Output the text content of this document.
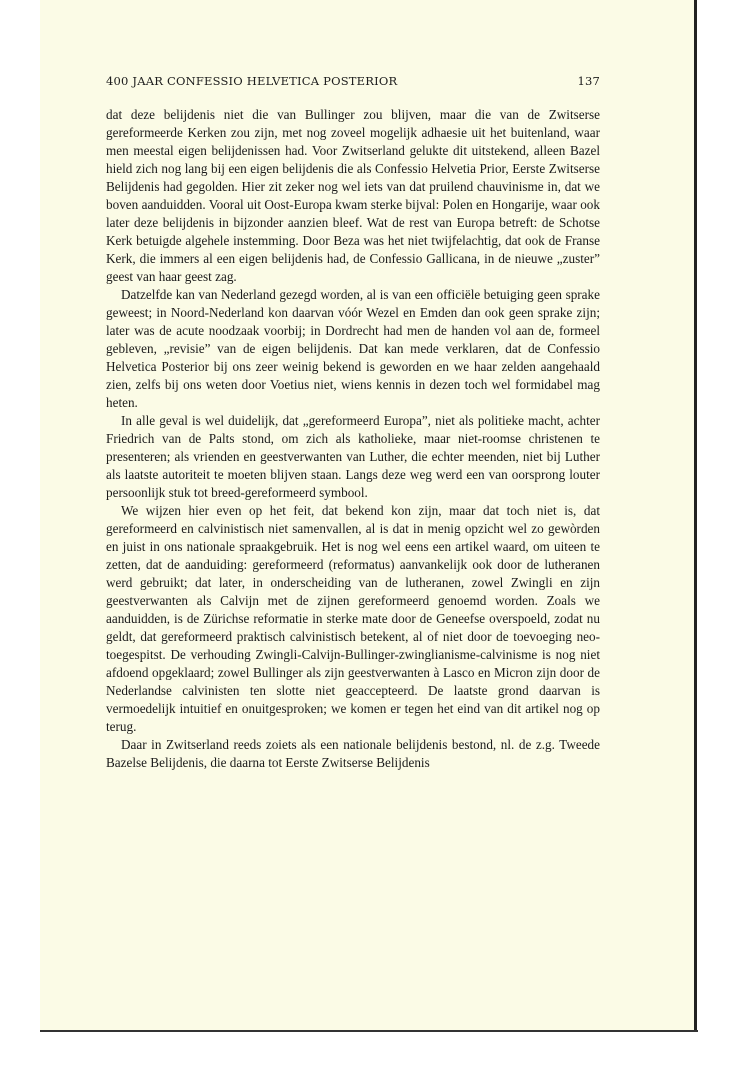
400 JAAR CONFESSIO HELVETICA POSTERIOR	137

dat deze belijdenis niet die van Bullinger zou blijven, maar die van de Zwitserse gereformeerde Kerken zou zijn, met nog zoveel mogelijk adhaesie uit het buitenland, waar men meestal eigen belijdenissen had. Voor Zwitserland gelukte dit uitstekend, alleen Bazel hield zich nog lang bij een eigen belijdenis die als Confessio Helvetia Prior, Eerste Zwitserse Belijdenis had gegolden. Hier zit zeker nog wel iets van dat pruilend chauvinisme in, dat we boven aanduidden. Vooral uit Oost-Europa kwam sterke bijval: Polen en Hongarije, waar ook later deze belijdenis in bijzonder aanzien bleef. Wat de rest van Europa betreft: de Schotse Kerk betuigde algehele instemming. Door Beza was het niet twijfelachtig, dat ook de Franse Kerk, die immers al een eigen belijdenis had, de Confessio Gallicana, in de nieuwe „zuster” geest van haar geest zag.

Datzelfde kan van Nederland gezegd worden, al is van een officiële betuiging geen sprake geweest; in Noord-Nederland kon daarvan vóór Wezel en Emden dan ook geen sprake zijn; later was de acute noodzaak voorbij; in Dordrecht had men de handen vol aan de, formeel gebleven, „revisie” van de eigen belijdenis. Dat kan mede verklaren, dat de Confessio Helvetica Posterior bij ons zeer weinig bekend is geworden en we haar zelden aangehaald zien, zelfs bij ons weten door Voetius niet, wiens kennis in dezen toch wel formidabel mag heten.

In alle geval is wel duidelijk, dat „gereformeerd Europa”, niet als politieke macht, achter Friedrich van de Palts stond, om zich als katholieke, maar niet-roomse christenen te presenteren; als vrienden en geestverwanten van Luther, die echter meenden, niet bij Luther als laatste autoriteit te moeten blijven staan. Langs deze weg werd een van oorsprong louter persoonlijk stuk tot breed-gereformeerd symbool.

We wijzen hier even op het feit, dat bekend kon zijn, maar dat toch niet is, dat gereformeerd en calvinistisch niet samenvallen, al is dat in menig opzicht wel zo gewòrden en juist in ons nationale spraakgebruik. Het is nog wel eens een artikel waard, om uiteen te zetten, dat de aanduiding: gereformeerd (reformatus) aanvankelijk ook door de lutheranen werd gebruikt; dat later, in onderscheiding van de lutheranen, zowel Zwingli en zijn geestverwanten als Calvijn met de zijnen gereformeerd genoemd worden. Zoals we aanduidden, is de Zürichse reformatie in sterke mate door de Geneefse overspoeld, zodat nu geldt, dat gereformeerd praktisch calvinistisch betekent, al of niet door de toevoeging neo- toegespitst. De verhouding Zwingli-Calvijn-Bullinger-zwinglianisme-calvinisme is nog niet afdoend opgeklaard; zowel Bullinger als zijn geestverwanten à Lasco en Micron zijn door de Nederlandse calvinisten ten slotte niet geaccepteerd. De laatste grond daarvan is vermoedelijk intuitief en onuitgesproken; we komen er tegen het eind van dit artikel nog op terug.

Daar in Zwitserland reeds zoiets als een nationale belijdenis bestond, nl. de z.g. Tweede Bazelse Belijdenis, die daarna tot Eerste Zwitserse Belijdenis
